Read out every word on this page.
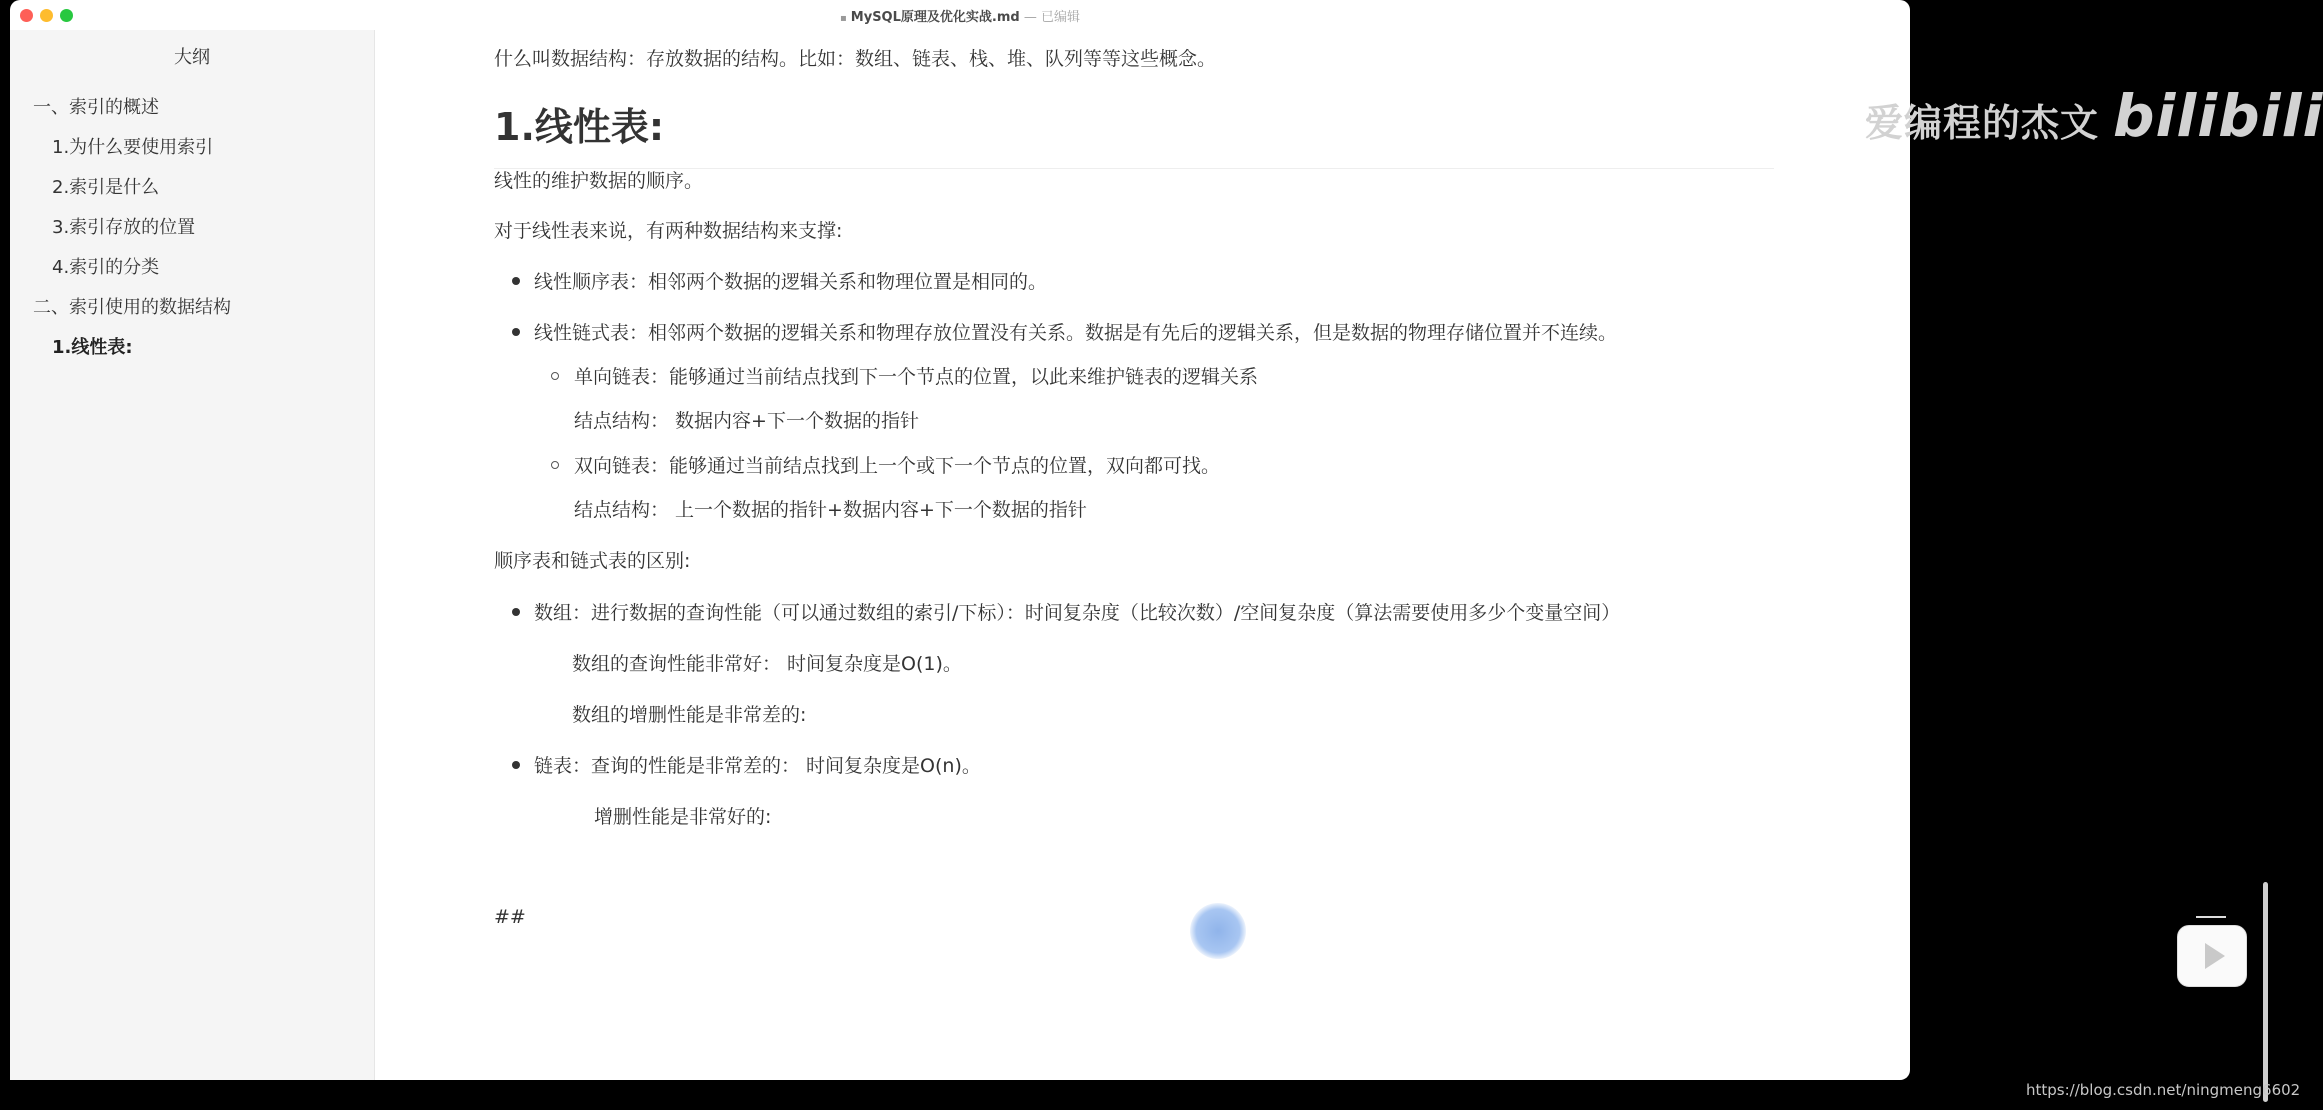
▪ MySQL原理及优化实战.md — 已编辑
大纲
一、索引的概述
1.为什么要使用索引
2.索引是什么
3.索引存放的位置
4.索引的分类
二、索引使用的数据结构
1.线性表:
什么叫数据结构：存放数据的结构。比如：数组、链表、栈、堆、队列等等这些概念。
1.线性表:
线性的维护数据的顺序。
对于线性表来说，有两种数据结构来支撑:
线性顺序表：相邻两个数据的逻辑关系和物理位置是相同的。
线性链式表：相邻两个数据的逻辑关系和物理存放位置没有关系。数据是有先后的逻辑关系，但是数据的物理存储位置并不连续。
单向链表：能够通过当前结点找到下一个节点的位置，以此来维护链表的逻辑关系
结点结构： 数据内容+下一个数据的指针
双向链表：能够通过当前结点找到上一个或下一个节点的位置，双向都可找。
结点结构： 上一个数据的指针+数据内容+下一个数据的指针
顺序表和链式表的区别:
数组：进行数据的查询性能（可以通过数组的索引/下标）：时间复杂度（比较次数）/空间复杂度（算法需要使用多少个变量空间）
数组的查询性能非常好： 时间复杂度是O(1)。
数组的增删性能是非常差的:
链表：查询的性能是非常差的： 时间复杂度是O(n)。
增删性能是非常好的:
##
爱编程的杰文 bilibili
https://blog.csdn.net/ningmeng6602
